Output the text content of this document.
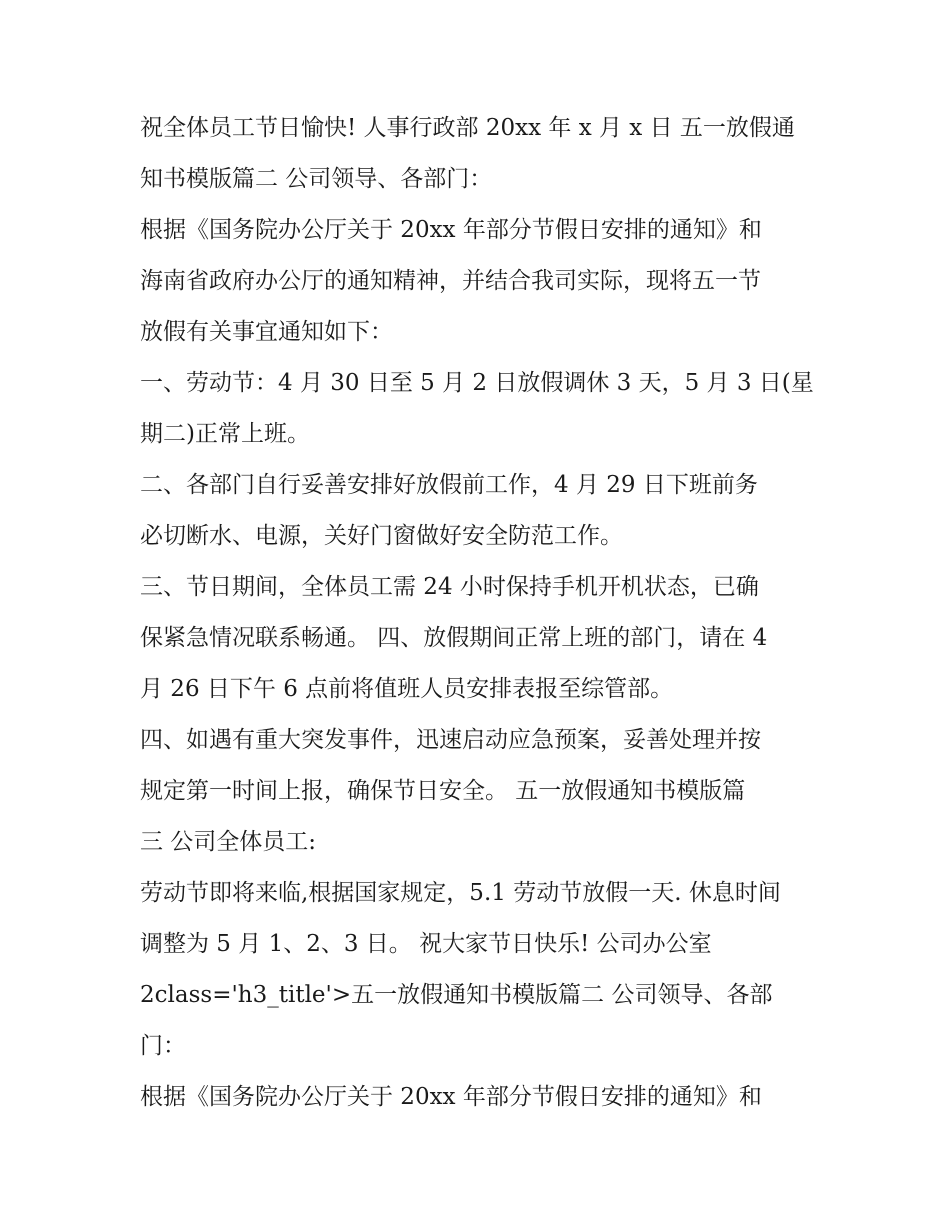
祝全体员工节日愉快! 人事行政部 20xx 年 x 月 x 日 五一放假通
知书模版篇二 公司领导、各部门：
根据《国务院办公厅关于 20xx 年部分节假日安排的通知》和
海南省政府办公厅的通知精神，并结合我司实际，现将五一节
放假有关事宜通知如下：
一、劳动节：4 月 30 日至 5 月 2 日放假调休 3 天，5 月 3 日(星
期二)正常上班。
二、各部门自行妥善安排好放假前工作，4 月 29 日下班前务
必切断水、电源，关好门窗做好安全防范工作。
三、节日期间，全体员工需 24 小时保持手机开机状态，已确
保紧急情况联系畅通。 四、放假期间正常上班的部门，请在 4
月 26 日下午 6 点前将值班人员安排表报至综管部。
四、如遇有重大突发事件，迅速启动应急预案，妥善处理并按
规定第一时间上报，确保节日安全。 五一放假通知书模版篇
三 公司全体员工:
劳动节即将来临,根据国家规定，5.1 劳动节放假一天. 休息时间
调整为 5 月 1、2、3 日。 祝大家节日快乐! 公司办公室
2class='h3_title'>五一放假通知书模版篇二 公司领导、各部
门：
根据《国务院办公厅关于 20xx 年部分节假日安排的通知》和
